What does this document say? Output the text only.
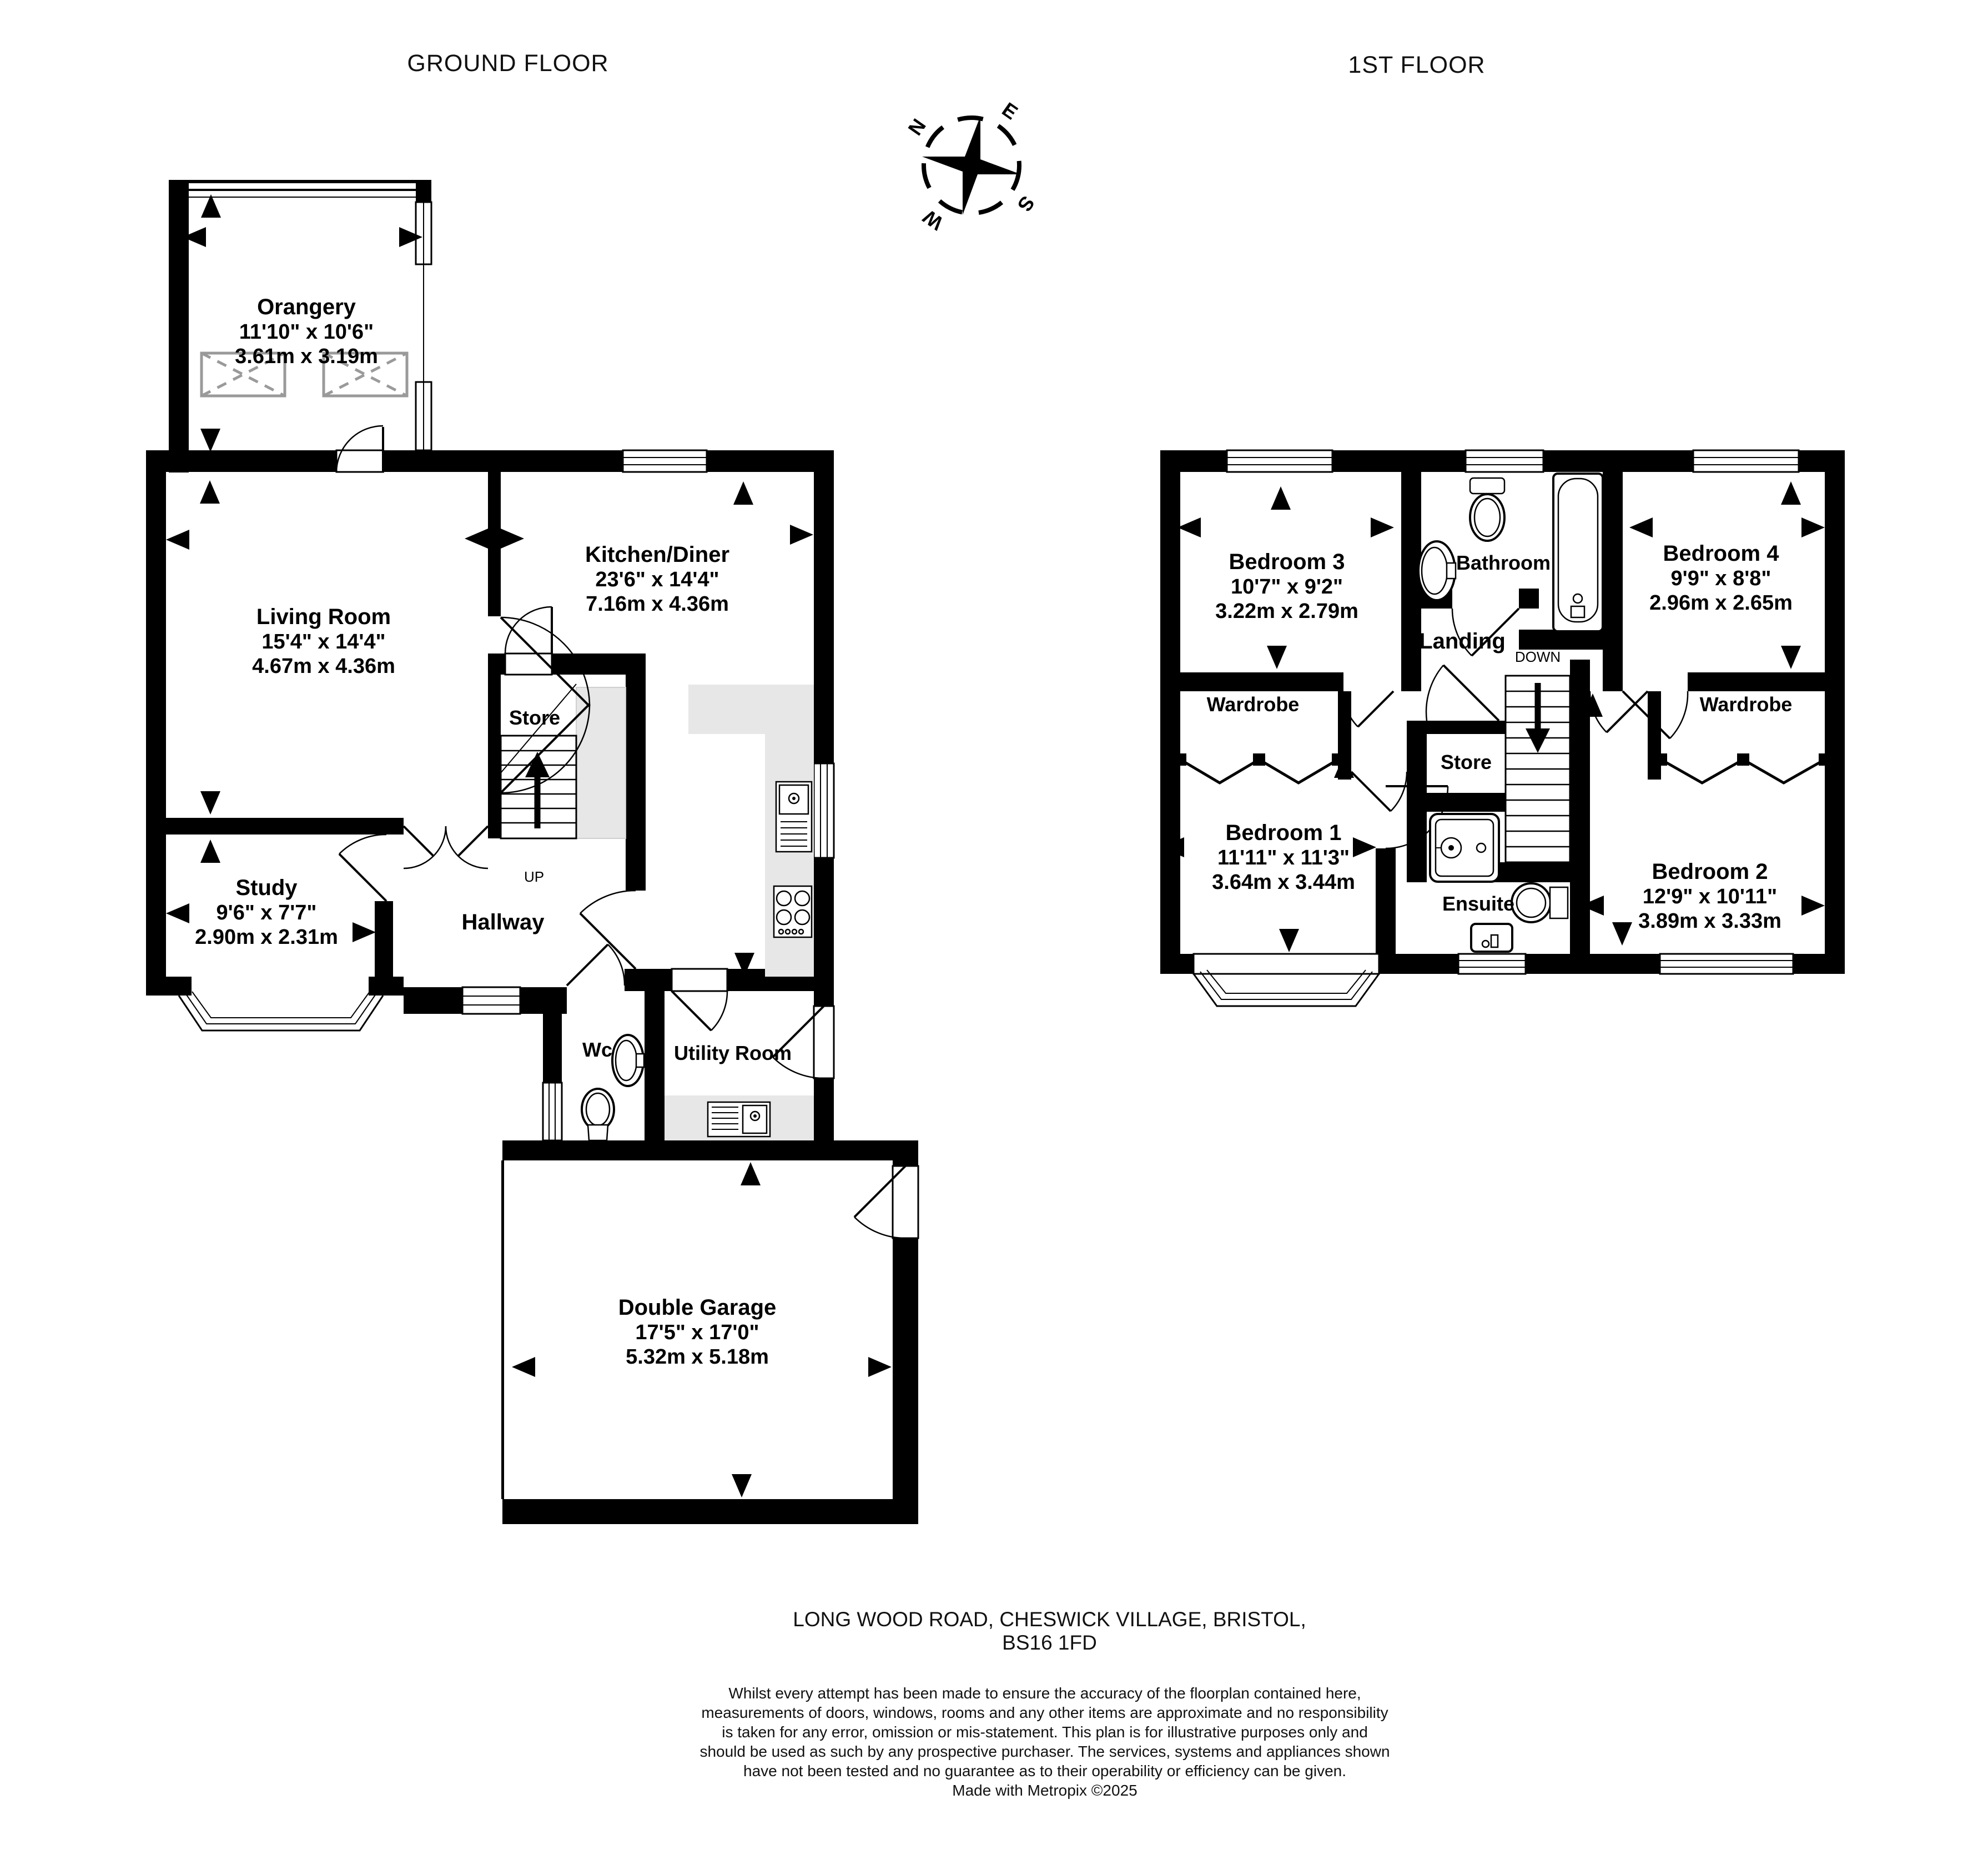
GROUND FLOOR	1ST FLOOR
N
E
S
W
Orangery
11'10" x 10'6"
3.61m x 3.19m
Living Room
15'4" x 14'4"
4.67m x 4.36m
Kitchen/Diner
23'6" x 14'4"
7.16m x 4.36m
Study
9'6" x 7'7"
2.90m x 2.31m
Double Garage
17'5" x 17'0"
5.32m x 5.18m
Hallway
Store
UP
Wc	Utility Room
Bedroom 3
10'7" x 9'2"
3.22m x 2.79m
Bedroom 4
9'9" x 8'8"
2.96m x 2.65m
Bedroom 1
11'11" x 11'3"
3.64m x 3.44m	Bedroom 2
12'9" x 10'11"
3.89m x 3.33m
Bathroom
Landing
DOWN
Wardrobe	Wardrobe
Store
Ensuite
LONG WOOD ROAD, CHESWICK VILLAGE, BRISTOL, BS16 1FD
Whilst every attempt has been made to ensure the accuracy of the floorplan contained here, measurements of doors, windows, rooms and any other items are approximate and no responsibility is taken for any error, omission or mis-statement. This plan is for illustrative purposes only and should be used as such by any prospective purchaser. The services, systems and appliances shown have not been tested and no guarantee as to their operability or efficiency can be given.
Made with Metropix ©2025
